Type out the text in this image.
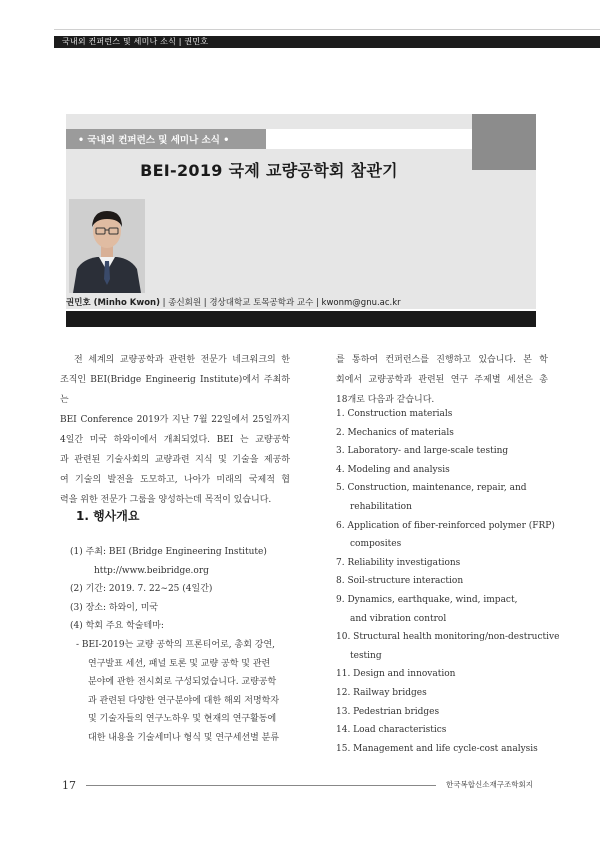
국내외 컨퍼런스 및 세미나 소식 | 권민호
• 국내외 컨퍼런스 및 세미나 소식 •
BEI-2019 국제 교량공학회 참관기
권민호 (Minho Kwon) | 종신회원 | 경상대학교 토목공학과 교수 | kwonm@gnu.ac.kr

전 세계의 교량공학과 관련한 전문가 네크워크의 한

조직인 BEI(Bridge Engineerig Institute)에서 주최하는

BEI Conference 2019가 지난 7월 22일에서 25일까지

4일간 미국 하와이에서 개최되었다. BEI 는 교량공학

과 관련된 기술사회의 교량과련 지식 및 기술을 제공하

여 기술의 발전을 도모하고, 나아가 미래의 국제적 협

력을 위한 전문가 그룹을 양성하는데 목적이 있습니다.

1. 행사개요
(1) 주최: BEI (Bridge Engineering Institute)
http://www.beibridge.org
(2) 기간: 2019. 7. 22∼25 (4일간)
(3) 장소: 하와이, 미국
(4) 학회 주요 학술테마:
- BEI-2019는 교량 공학의 프론티어로, 총회 강연,
연구발표 세션, 패널 토론 및 교량 공학 및 관련
분야에 관한 전시회로 구성되었습니다. 교량공학
과 관련된 다양한 연구분야에 대한 해외 저명학자
및 기술자들의 연구노하우 및 현재의 연구활동에
대한 내용을 기술세미나 형식 및 연구세션별 분류

를 통하여 컨퍼런스를 진행하고 있습니다. 본 학

회에서 교량공학과 관련된 연구 주제별 세션은 총

18개로 다음과 같습니다.

1. Construction materials
2. Mechanics of materials
3. Laboratory- and large-scale testing
4. Modeling and analysis
5. Construction, maintenance, repair, and
rehabilitation
6. Application of fiber-reinforced polymer (FRP)
composites
7. Reliability investigations
8. Soil-structure interaction
9. Dynamics, earthquake, wind, impact,
and vibration control
10. Structural health monitoring/non-destructive
testing
11. Design and innovation
12. Railway bridges
13. Pedestrian bridges
14. Load characteristics
15. Management and life cycle-cost analysis
17	한국복합신소재구조학회지
